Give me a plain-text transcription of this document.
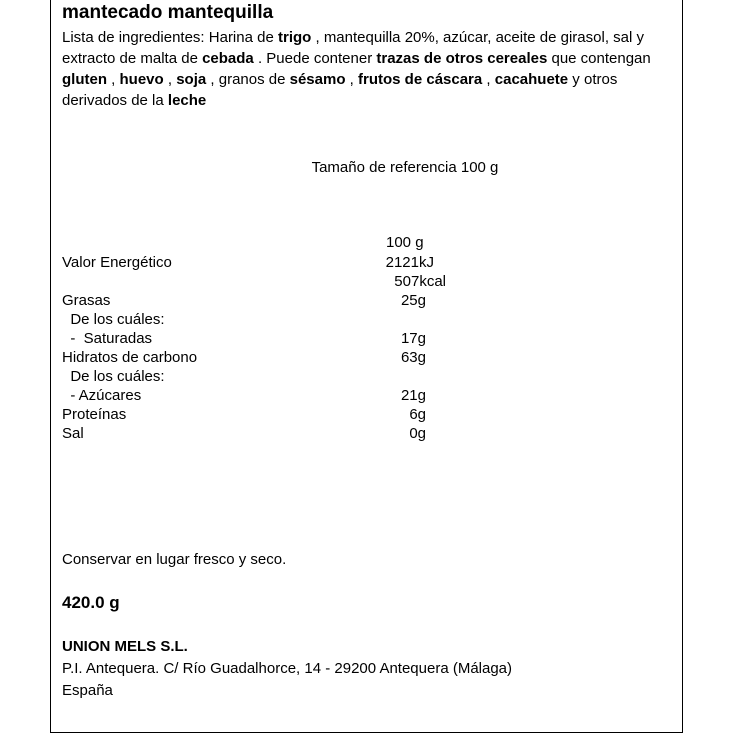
mantecado mantequilla
Lista de ingredientes: Harina de trigo , mantequilla 20%, azúcar, aceite de girasol, sal y extracto de malta de cebada . Puede contener trazas de otros cereales que contengan gluten , huevo , soja , granos de sésamo , frutos de cáscara , cacahuete y otros derivados de la leche
Tamaño de referencia 100 g
100 g
Valor Energético	2121kJ
507kcal
Grasas	25g
De los cuáles:
-  Saturadas	17g
Hidratos de carbono	63g
De los cuáles:
- Azúcares	21g
Proteínas	6g
Sal	0g
Conservar en lugar fresco y seco.
420.0 g
UNION MELS S.L.
P.I. Antequera. C/ Río Guadalhorce, 14 - 29200 Antequera (Málaga)
España
